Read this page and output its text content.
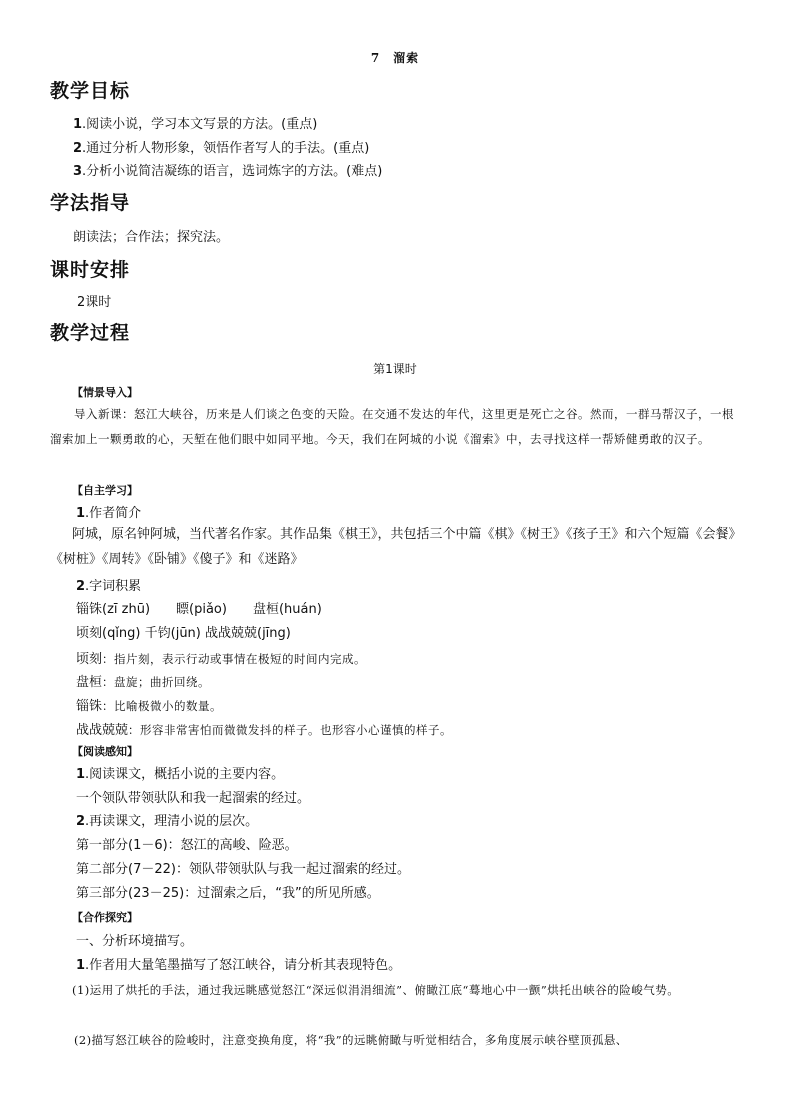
7　溜索
教学目标
1.阅读小说，学习本文写景的方法。(重点)
2.通过分析人物形象，领悟作者写人的手法。(重点)
3.分析小说简洁凝练的语言，选词炼字的方法。(难点)
学法指导
朗读法；合作法；探究法。
课时安排
2课时
教学过程
第1课时
【情景导入】
导入新课：怒江大峡谷，历来是人们谈之色变的天险。在交通不发达的年代，这里更是死亡之谷。然而，一群马帮汉子，一根溜索加上一颗勇敢的心，天堑在他们眼中如同平地。今天，我们在阿城的小说《溜索》中，去寻找这样一帮矫健勇敢的汉子。
【自主学习】
1.作者简介
阿城，原名钟阿城，当代著名作家。其作品集《棋王》，共包括三个中篇《棋》《树王》《孩子王》和六个短篇《会餐》《树桩》《周转》《卧铺》《傻子》和《迷路》
2.字词积累
锱铢(zī zhū)　　瞟(piǎo)　　盘桓(huán)
顷刻(qǐng) 千钧(jūn) 战战兢兢(jīng)
顷刻：指片刻，表示行动或事情在极短的时间内完成。
盘桓：盘旋；曲折回绕。
锱铢：比喻极微小的数量。
战战兢兢：形容非常害怕而微微发抖的样子。也形容小心谨慎的样子。
【阅读感知】
1.阅读课文，概括小说的主要内容。
一个领队带领驮队和我一起溜索的经过。
2.再读课文，理清小说的层次。
第一部分(1－6)：怒江的高峻、险恶。
第二部分(7－22)：领队带领驮队与我一起过溜索的经过。
第三部分(23－25)：过溜索之后，“我”的所见所感。
【合作探究】
一、分析环境描写。
1.作者用大量笔墨描写了怒江峡谷，请分析其表现特色。
(1)运用了烘托的手法，通过我远眺感觉怒江“深远似涓涓细流”、俯瞰江底“蓦地心中一颤”烘托出峡谷的险峻气势。
(2)描写怒江峡谷的险峻时，注意变换角度，将“我”的远眺俯瞰与听觉相结合，多角度展示峡谷壁顶孤悬、
